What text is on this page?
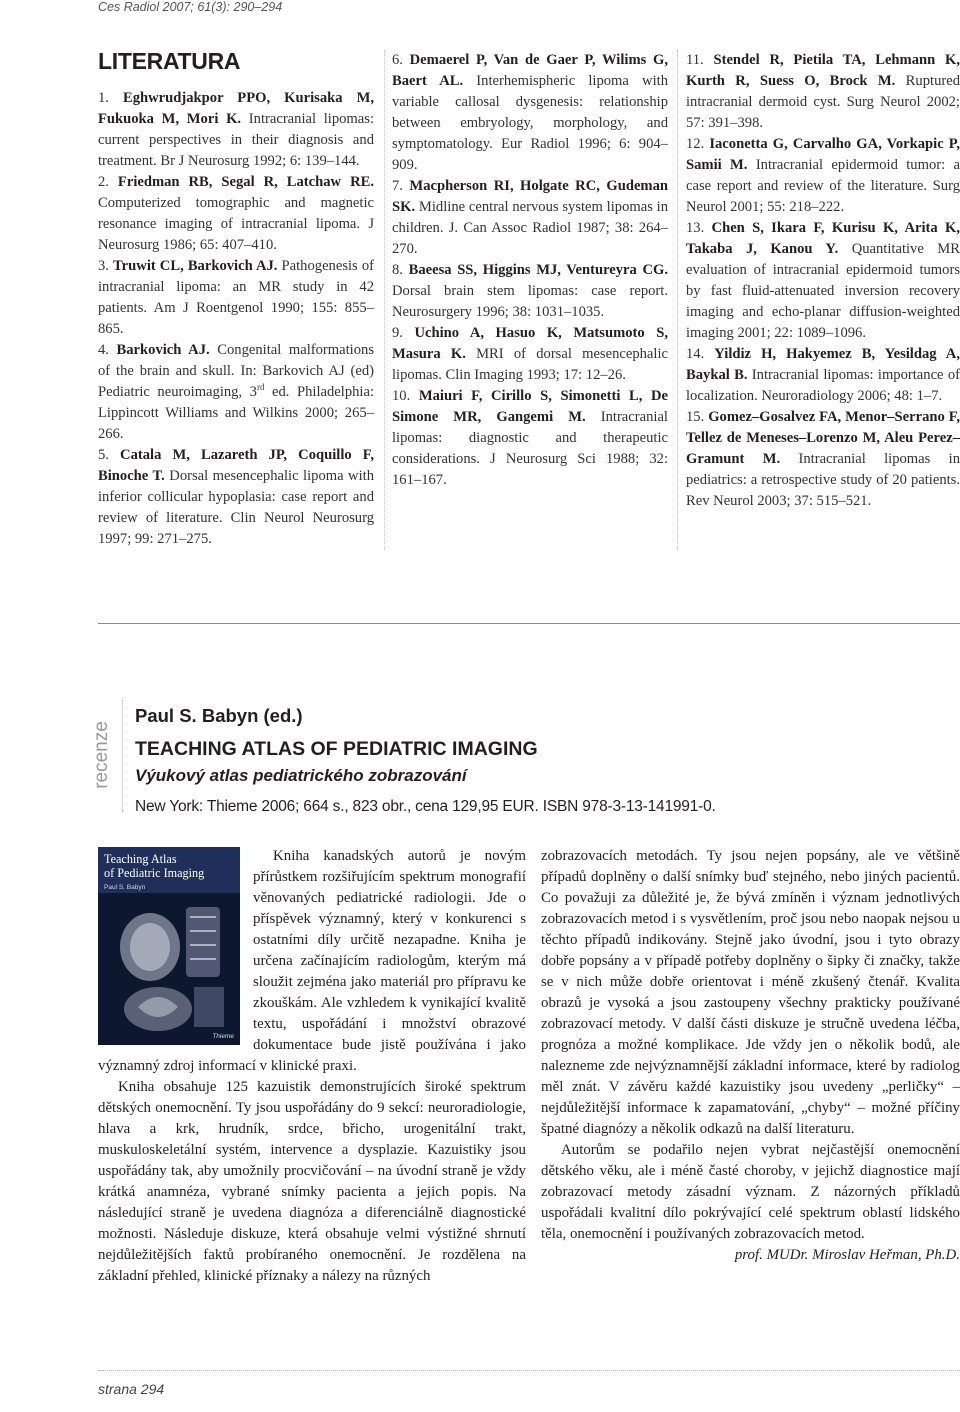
Ces Radiol 2007; 61(3): 290–294
LITERATURA
1. Eghwrudjakpor PPO, Kurisaka M, Fukuoka M, Mori K. Intracranial lipomas: current perspectives in their diagnosis and treatment. Br J Neurosurg 1992; 6: 139–144.
2. Friedman RB, Segal R, Latchaw RE. Computerized tomographic and magnetic resonance imaging of intracranial lipoma. J Neurosurg 1986; 65: 407–410.
3. Truwit CL, Barkovich AJ. Pathogenesis of intracranial lipoma: an MR study in 42 patients. Am J Roentgenol 1990; 155: 855–865.
4. Barkovich AJ. Congenital malformations of the brain and skull. In: Barkovich AJ (ed) Pediatric neuroimaging, 3rd ed. Philadelphia: Lippincott Williams and Wilkins 2000; 265–266.
5. Catala M, Lazareth JP, Coquillo F, Binoche T. Dorsal mesencephalic lipoma with inferior collicular hypoplasia: case report and review of literature. Clin Neurol Neurosurg 1997; 99: 271–275.
6. Demaerel P, Van de Gaer P, Wilims G, Baert AL. Interhemispheric lipoma with variable callosal dysgenesis: relationship between embryology, morphology, and symptomatology. Eur Radiol 1996; 6: 904–909.
7. Macpherson RI, Holgate RC, Gudeman SK. Midline central nervous system lipomas in children. J. Can Assoc Radiol 1987; 38: 264–270.
8. Baeesa SS, Higgins MJ, Ventureyra CG. Dorsal brain stem lipomas: case report. Neurosurgery 1996; 38: 1031–1035.
9. Uchino A, Hasuo K, Matsumoto S, Masura K. MRI of dorsal mesencephalic lipomas. Clin Imaging 1993; 17: 12–26.
10. Maiuri F, Cirillo S, Simonetti L, De Simone MR, Gangemi M. Intracranial lipomas: diagnostic and therapeutic considerations. J Neurosurg Sci 1988; 32: 161–167.
11. Stendel R, Pietila TA, Lehmann K, Kurth R, Suess O, Brock M. Ruptured intracranial dermoid cyst. Surg Neurol 2002; 57: 391–398.
12. Iaconetta G, Carvalho GA, Vorkapic P, Samii M. Intracranial epidermoid tumor: a case report and review of the literature. Surg Neurol 2001; 55: 218–222.
13. Chen S, Ikara F, Kurisu K, Arita K, Takaba J, Kanou Y. Quantitative MR evaluation of intracranial epidermoid tumors by fast fluid-attenuated inversion recovery imaging and echo-planar diffusion-weighted imaging 2001; 22: 1089–1096.
14. Yildiz H, Hakyemez B, Yesildag A, Baykal B. Intracranial lipomas: importance of localization. Neuroradiology 2006; 48: 1–7.
15. Gomez–Gosalvez FA, Menor–Serrano F, Tellez de Meneses–Lorenzo M, Aleu Perez–Gramunt M. Intracranial lipomas in pediatrics: a retrospective study of 20 patients. Rev Neurol 2003; 37: 515–521.
recenze
Paul S. Babyn (ed.)
TEACHING ATLAS OF PEDIATRIC IMAGING
Výukový atlas pediatrického zobrazování
New York: Thieme 2006; 664 s., 823 obr., cena 129,95 EUR. ISBN 978-3-13-141991-0.
Teaching Atlas
of Pediatric Imaging
Paul S. Babyn
Thieme

Kniha kanadských autorů je novým přírůstkem rozšiřujícím spektrum monografií věnovaných pediatrické radiologii. Jde o příspěvek významný, který v konkurenci s ostatními díly určitě nezapadne. Kniha je určena začínajícím radiologům, kterým má sloužit zejména jako materiál pro přípravu ke zkouškám. Ale vzhledem k vynikající kvalitě textu, uspořádání i množství obrazové dokumentace bude jistě používána i jako významný zdroj informací v klinické praxi.

Kniha obsahuje 125 kazuistik demonstrujících široké spektrum dětských onemocnění. Ty jsou uspořádány do 9 sekcí: neuroradiologie, hlava a krk, hrudník, srdce, břicho, urogenitální trakt, muskuloskeletální systém, intervence a dysplazie. Kazuistiky jsou uspořádány tak, aby umožnily procvičování – na úvodní straně je vždy krátká anamnéza, vybrané snímky pacienta a jejich popis. Na následující straně je uvedena diagnóza a diferenciálně diagnostické možnosti. Následuje diskuze, která obsahuje velmi výstižné shrnutí nejdůležitějších faktů probíraného onemocnění. Je rozdělena na základní přehled, klinické příznaky a nálezy na různých

zobrazovacích metodách. Ty jsou nejen popsány, ale ve většině případů doplněny o další snímky buď stejného, nebo jiných pacientů. Co považuji za důležité je, že bývá zmíněn i význam jednotlivých zobrazovacích metod i s vysvětlením, proč jsou nebo naopak nejsou u těchto případů indikovány. Stejně jako úvodní, jsou i tyto obrazy dobře popsány a v případě potřeby doplněny o šipky či značky, takže se v nich může dobře orientovat i méně zkušený čtenář. Kvalita obrazů je vysoká a jsou zastoupeny všechny prakticky používané zobrazovací metody. V další části diskuze je stručně uvedena léčba, prognóza a možné komplikace. Jde vždy jen o několik bodů, ale nalezneme zde nejvýznamnější základní informace, které by radiolog měl znát. V závěru každé kazuistiky jsou uvedeny „perličky“ – nejdůležitější informace k zapamatování, „chyby“ – možné příčiny špatné diagnózy a několik odkazů na další literaturu.

Autorům se podařilo nejen vybrat nejčastější onemocnění dětského věku, ale i méně časté choroby, v jejichž diagnostice mají zobrazovací metody zásadní význam. Z názorných příkladů uspořádali kvalitní dílo pokrývající celé spektrum oblastí lidského těla, onemocnění i používaných zobrazovacích metod.

prof. MUDr. Miroslav Heřman, Ph.D.

strana 294
